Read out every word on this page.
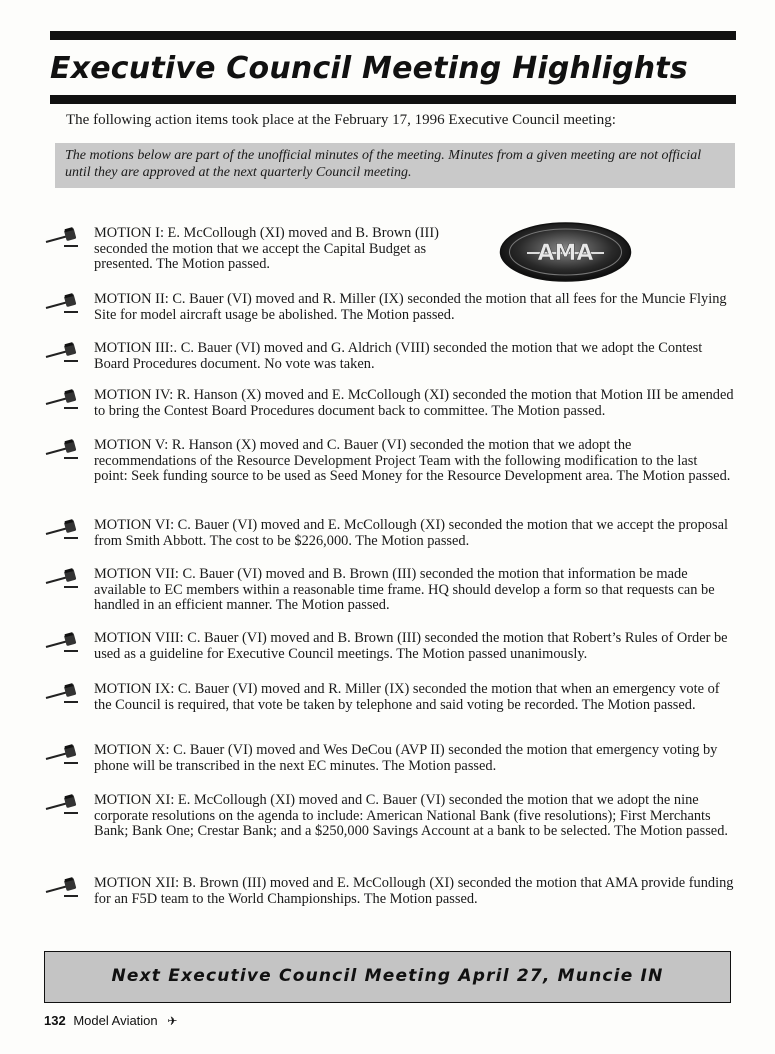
Executive Council Meeting Highlights
The following action items took place at the February 17, 1996 Executive Council meeting:
The motions below are part of the unofficial minutes of the meeting. Minutes from a given meeting are not official until they are approved at the next quarterly Council meeting.
AMA
MOTION I: E. McCollough (XI) moved and B. Brown (III) seconded the motion that we accept the Capital Budget as presented. The Motion passed.
MOTION II: C. Bauer (VI) moved and R. Miller (IX) seconded the motion that all fees for the Muncie Flying Site for model aircraft usage be abolished. The Motion passed.
MOTION III:. C. Bauer (VI) moved and G. Aldrich (VIII) seconded the motion that we adopt the Contest Board Procedures document. No vote was taken.
MOTION IV: R. Hanson (X) moved and E. McCollough (XI) seconded the motion that Motion III be amended to bring the Contest Board Procedures document back to committee. The Motion passed.
MOTION V: R. Hanson (X) moved and C. Bauer (VI) seconded the motion that we adopt the recommendations of the Resource Development Project Team with the following modification to the last point: Seek funding source to be used as Seed Money for the Resource Development area. The Motion passed.
MOTION VI: C. Bauer (VI) moved and E. McCollough (XI) seconded the motion that we accept the proposal from Smith Abbott. The cost to be $226,000. The Motion passed.
MOTION VII: C. Bauer (VI) moved and B. Brown (III) seconded the motion that information be made available to EC members within a reasonable time frame. HQ should develop a form so that requests can be handled in an efficient manner. The Motion passed.
MOTION VIII: C. Bauer (VI) moved and B. Brown (III) seconded the motion that Robert’s Rules of Order be used as a guideline for Executive Council meetings. The Motion passed unanimously.
MOTION IX: C. Bauer (VI) moved and R. Miller (IX) seconded the motion that when an emergency vote of the Council is required, that vote be taken by telephone and said voting be recorded. The Motion passed.
MOTION X: C. Bauer (VI) moved and Wes DeCou (AVP II) seconded the motion that emergency voting by phone will be transcribed in the next EC minutes. The Motion passed.
MOTION XI: E. McCollough (XI) moved and C. Bauer (VI) seconded the motion that we adopt the nine corporate resolutions on the agenda to include: American National Bank (five resolutions); First Merchants Bank; Bank One; Crestar Bank; and a $250,000 Savings Account at a bank to be selected. The Motion passed.
MOTION XII: B. Brown (III) moved and E. McCollough (XI) seconded the motion that AMA provide funding for an F5D team to the World Championships. The Motion passed.
Next Executive Council Meeting April 27, Muncie IN
132 Model Aviation ✈
